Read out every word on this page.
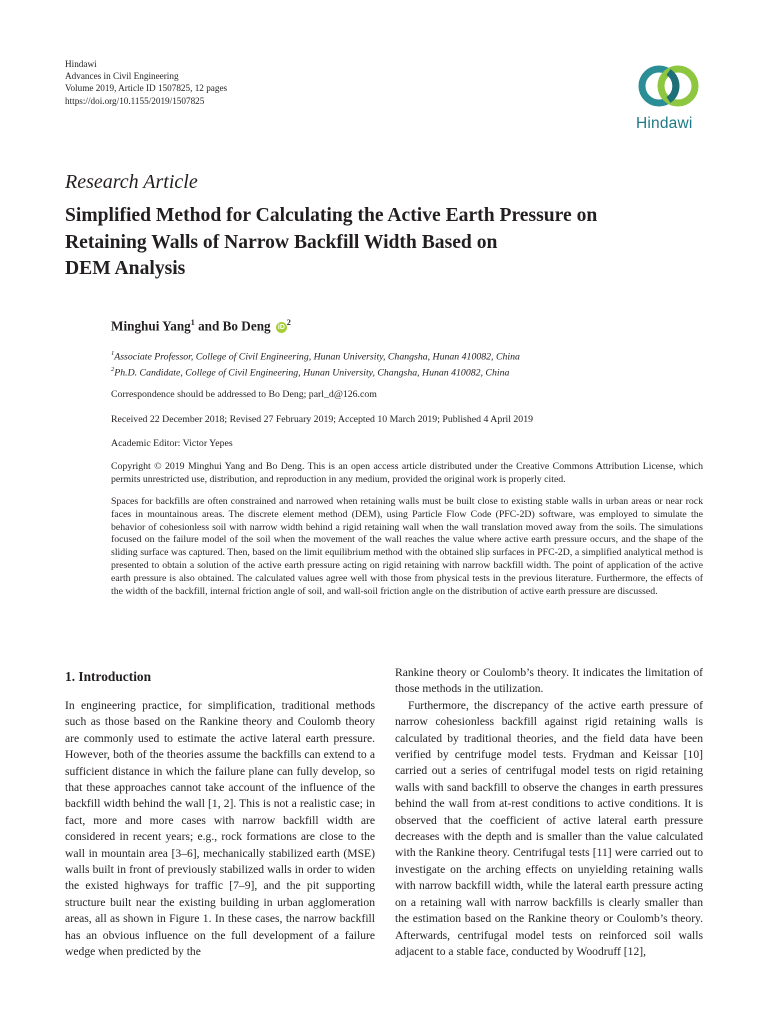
Hindawi
Advances in Civil Engineering
Volume 2019, Article ID 1507825, 12 pages
https://doi.org/10.1155/2019/1507825
Hindawi
Research Article
Simplified Method for Calculating the Active Earth Pressure on
Retaining Walls of Narrow Backfill Width Based on
DEM Analysis
Minghui Yang$^1$ and Bo Deng $iD^2$
$^1$Associate Professor, College of Civil Engineering, Hunan University, Changsha, Hunan 410082, China
$^2$Ph.D. Candidate, College of Civil Engineering, Hunan University, Changsha, Hunan 410082, China
Correspondence should be addressed to Bo Deng; parl_d@126.com
Received 22 December 2018; Revised 27 February 2019; Accepted 10 March 2019; Published 4 April 2019
Academic Editor: Victor Yepes
Copyright © 2019 Minghui Yang and Bo Deng. This is an open access article distributed under the Creative Commons Attribution License, which permits unrestricted use, distribution, and reproduction in any medium, provided the original work is properly cited.
Spaces for backfills are often constrained and narrowed when retaining walls must be built close to existing stable walls in urban areas or near rock faces in mountainous areas. The discrete element method (DEM), using Particle Flow Code (PFC-2D) software, was employed to simulate the behavior of cohesionless soil with narrow width behind a rigid retaining wall when the wall translation moved away from the soils. The simulations focused on the failure model of the soil when the movement of the wall reaches the value where active earth pressure occurs, and the shape of the sliding surface was captured. Then, based on the limit equilibrium method with the obtained slip surfaces in PFC-2D, a simplified analytical method is presented to obtain a solution of the active earth pressure acting on rigid retaining with narrow backfill width. The point of application of the active earth pressure is also obtained. The calculated values agree well with those from physical tests in the previous literature. Furthermore, the effects of the width of the backfill, internal friction angle of soil, and wall-soil friction angle on the distribution of active earth pressure are discussed.
1. Introduction

In engineering practice, for simplification, traditional methods such as those based on the Rankine theory and Coulomb theory are commonly used to estimate the active lateral earth pressure. However, both of the theories assume the backfills can extend to a sufficient distance in which the failure plane can fully develop, so that these approaches cannot take account of the influence of the backfill width behind the wall [1, 2]. This is not a realistic case; in fact, more and more cases with narrow backfill width are considered in recent years; e.g., rock formations are close to the wall in mountain area [3–6], mechanically stabilized earth (MSE) walls built in front of previously stabilized walls in order to widen the existed highways for traffic [7–9], and the pit supporting structure built near the existing building in urban agglomeration areas, all as shown in Figure 1. In these cases, the narrow backfill has an obvious influence on the full development of a failure wedge when predicted by the

Rankine theory or Coulomb’s theory. It indicates the limitation of those methods in the utilization.

Furthermore, the discrepancy of the active earth pressure of narrow cohesionless backfill against rigid retaining walls is calculated by traditional theories, and the field data have been verified by centrifuge model tests. Frydman and Keissar [10] carried out a series of centrifugal model tests on rigid retaining walls with sand backfill to observe the changes in earth pressures behind the wall from at-rest conditions to active conditions. It is observed that the coefficient of active lateral earth pressure decreases with the depth and is smaller than the value calculated with the Rankine theory. Centrifugal tests [11] were carried out to investigate on the arching effects on unyielding retaining walls with narrow backfill width, while the lateral earth pressure acting on a retaining wall with narrow backfills is clearly smaller than the estimation based on the Rankine theory or Coulomb’s theory. Afterwards, centrifugal model tests on reinforced soil walls adjacent to a stable face, conducted by Woodruff [12],
